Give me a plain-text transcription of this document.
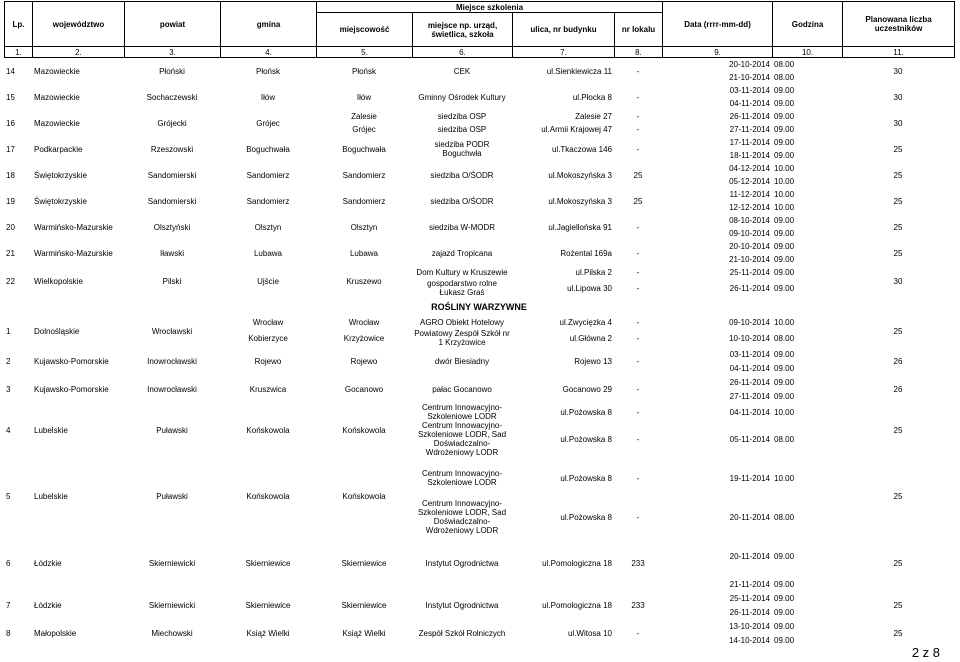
Lp.	województwo	powiat	gmina	Miejsce szkolenia				Data (rrrr-mm-dd)	Godzina	Planowana liczba uczestników
				miejscowość	miejsce np. urząd, świetlica, szkoła	ulica, nr budynku	nr lokalu			
1.	2.	3.	4.	5.	6.	7.	8.	9.	10.	11.
14	Mazowieckie	Płoński	Płońsk	Płońsk	CEK	ul.Sienkiewicza 11	-	20-10-2014	08.00	30
								21-10-2014	08.00	
15	Mazowieckie	Sochaczewski	Iłów	Iłów	Gminny Ośrodek Kultury	ul.Płocka 8	-	03-11-2014	09.00	30
								04-11-2014	09.00	
16	Mazowieckie	Grójecki	Grójec	Zalesie	siedziba OSP	Zalesie 27	-	26-11-2014	09.00	30
				Grójec	siedziba OSP	ul.Armii Krajowej 47	-	27-11-2014	09.00	
17	Podkarpackie	Rzeszowski	Boguchwała	Boguchwała	siedziba PODR Boguchwła	ul.Tkaczowa 146	-	17-11-2014	09.00	25
								18-11-2014	09.00	
18	Świętokrzyskie	Sandomierski	Sandomierz	Sandomierz	siedziba O/ŚODR	ul.Mokoszyńska 3	25	04-12-2014	10.00	25
								05-12-2014	10.00	
19	Świętokrzyskie	Sandomierski	Sandomierz	Sandomierz	siedziba O/ŚODR	ul.Mokoszyńska 3	25	11-12-2014	10.00	25
								12-12-2014	10.00	
20	Warmińsko-Mazurskie	Olsztyński	Olsztyn	Olsztyn	siedziba W-MODR	ul.Jagiellońska 91	-	08-10-2014	09.00	25
								09-10-2014	09.00	
21	Warmińsko-Mazurskie	Iławski	Lubawa	Lubawa	zajazd Tropicana	Rożental 169a	-	20-10-2014	09.00	25
								21-10-2014	09.00	
22	Wielkopolskie	Pilski	Ujście	Kruszewo	Dom Kultury w Kruszewie	ul.Pilska 2	-	25-11-2014	09.00	30
					gospodarstwo rolne Łukasz Graś	ul.Lipowa 30	-	26-11-2014	09.00	
ROŚLINY WARZYWNE
1	Dolnośląskie	Wrocławski	Wrocław	Wrocław	AGRO Obiekt Hotelowy	ul.Zwycięzka 4	-	09-10-2014	10.00	25
			Kobierzyce	Krzyżowice	Powiatowy Zespół Szkół nr 1 Krzyżowice	ul.Główna 2	-	10-10-2014	08.00	
2	Kujawsko-Pomorskie	Inowrocławski	Rojewo	Rojewo	dwór Biesiadny	Rojewo 13	-	03-11-2014	09.00	26
								04-11-2014	09.00	
3	Kujawsko-Pomorskie	Inowrocławski	Kruszwica	Gocanowo	pałac Gocanowo	Gocanowo 29	-	26-11-2014	09.00	26
								27-11-2014	09.00	
4	Lubelskie	Puławski	Końskowola	Końskowola	Centrum Innowacyjno-Szkoleniowe LODR	ul.Pożowska 8	-	04-11-2014	10.00	25
					Centrum Innowacyjno-Szkoleniowe LODR, Sad Doświadczalno-Wdrożeniowy LODR	ul.Pożowska 8	-	05-11-2014	08.00	
5	Lubelskie	Puławski	Końskowola	Końskowola	Centrum Innowacyjno-Szkoleniowe LODR	ul.Pożowska 8	-	19-11-2014	10.00	25
					Centrum Innowacyjno-Szkoleniowe LODR, Sad Doświadczalno-Wdrożeniowy LODR	ul.Pożowska 8	-	20-11-2014	08.00	
6	Łódzkie	Skierniewicki	Skierniewice	Skierniewice	Instytut Ogrodnictwa	ul.Pomologiczna 18	233	20-11-2014	09.00	25
								21-11-2014	09.00	
7	Łódzkie	Skierniewicki	Skierniewice	Skierniewice	Instytut Ogrodnictwa	ul.Pomologiczna 18	233	25-11-2014	09.00	25
								26-11-2014	09.00	
8	Małopolskie	Miechowski	Książ Wielki	Książ Wielki	Zespół Szkół Rolniczych	ul.Witosa 10	-	13-10-2014	09.00	25
								14-10-2014	09.00	
2 z 8
